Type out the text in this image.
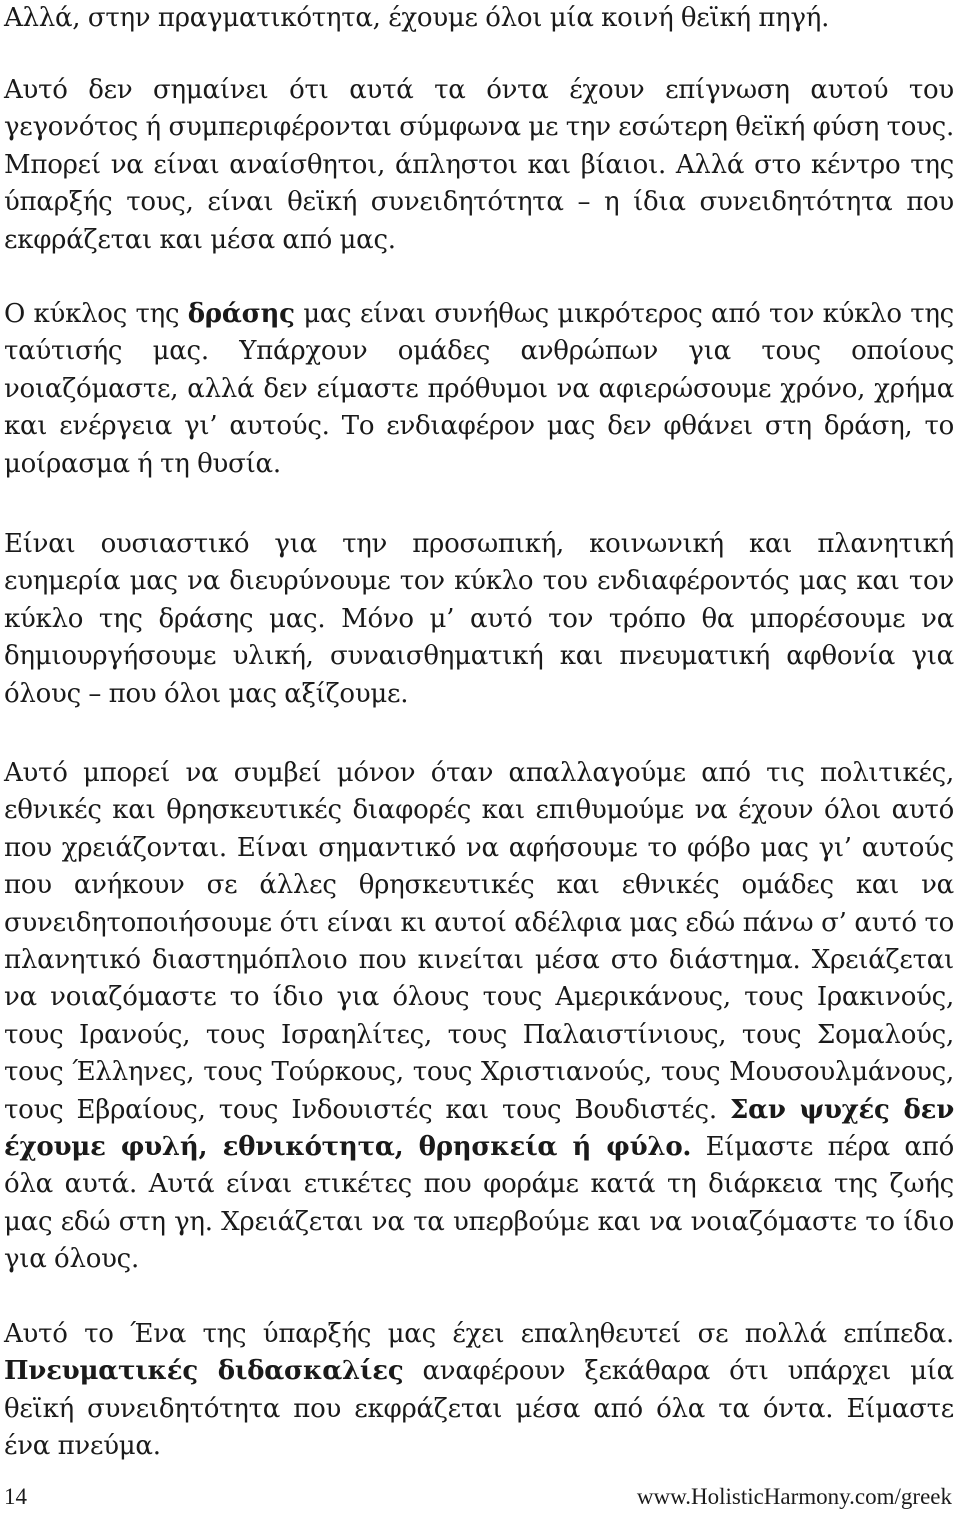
Αλλά, στην πραγματικότητα, έχουμε όλοι μία κοινή θεϊκή πηγή.

Αυτό δεν σημαίνει ότι αυτά τα όντα έχουν επίγνωση αυτού του γεγονότος ή συμπεριφέρονται σύμφωνα με την εσώτερη θεϊκή φύση τους. Μπορεί να είναι αναίσθητοι, άπληστοι και βίαιοι. Αλλά στο κέντρο της ύπαρξής τους, είναι θεϊκή συνειδητότητα – η ίδια συνειδητότητα που εκφράζεται και μέσα από μας.

Ο κύκλος της δράσης μας είναι συνήθως μικρότερος από τον κύκλο της ταύτισής μας. Υπάρχουν ομάδες ανθρώπων για τους οποίους νοιαζόμαστε, αλλά δεν είμαστε πρόθυμοι να αφιερώσουμε χρόνο, χρήμα και ενέργεια γι’ αυτούς. Το ενδιαφέρον μας δεν φθάνει στη δράση, το μοίρασμα ή τη θυσία.

Είναι ουσιαστικό για την προσωπική, κοινωνική και πλανητική ευημερία μας να διευρύνουμε τον κύκλο του ενδιαφέροντός μας και τον κύκλο της δράσης μας. Μόνο μ’ αυτό τον τρόπο θα μπορέσουμε να δημιουργήσουμε υλική, συναισθηματική και πνευματική αφθονία για όλους – που όλοι μας αξίζουμε.

Αυτό μπορεί να συμβεί μόνον όταν απαλλαγούμε από τις πολιτικές, εθνικές και θρησκευτικές διαφορές και επιθυμούμε να έχουν όλοι αυτό που χρειάζονται. Είναι σημαντικό να αφήσουμε το φόβο μας γι’ αυτούς που ανήκουν σε άλλες θρησκευτικές και εθνικές ομάδες και να συνειδητοποιήσουμε ότι είναι κι αυτοί αδέλφια μας εδώ πάνω σ’ αυτό το πλανητικό διαστημόπλοιο που κινείται μέσα στο διάστημα. Χρειάζεται να νοιαζόμαστε το ίδιο για όλους τους Αμερικάνους, τους Ιρακινούς, τους Ιρανούς, τους Ισραηλίτες, τους Παλαιστίνιους, τους Σομαλούς, τους Έλληνες, τους Τούρκους, τους Χριστιανούς, τους Μουσουλμάνους, τους Εβραίους, τους Ινδουιστές και τους Βουδιστές. Σαν ψυχές δεν έχουμε φυλή, εθνικότητα, θρησκεία ή φύλο. Είμαστε πέρα από όλα αυτά. Αυτά είναι ετικέτες που φοράμε κατά τη διάρκεια της ζωής μας εδώ στη γη. Χρειάζεται να τα υπερβούμε και να νοιαζόμαστε το ίδιο για όλους.

Αυτό το Ένα της ύπαρξής μας έχει επαληθευτεί σε πολλά επίπεδα. Πνευματικές διδασκαλίες αναφέρουν ξεκάθαρα ότι υπάρχει μία θεϊκή συνειδητότητα που εκφράζεται μέσα από όλα τα όντα. Είμαστε ένα πνεύμα.

14	www.HolisticHarmony.com/greek
